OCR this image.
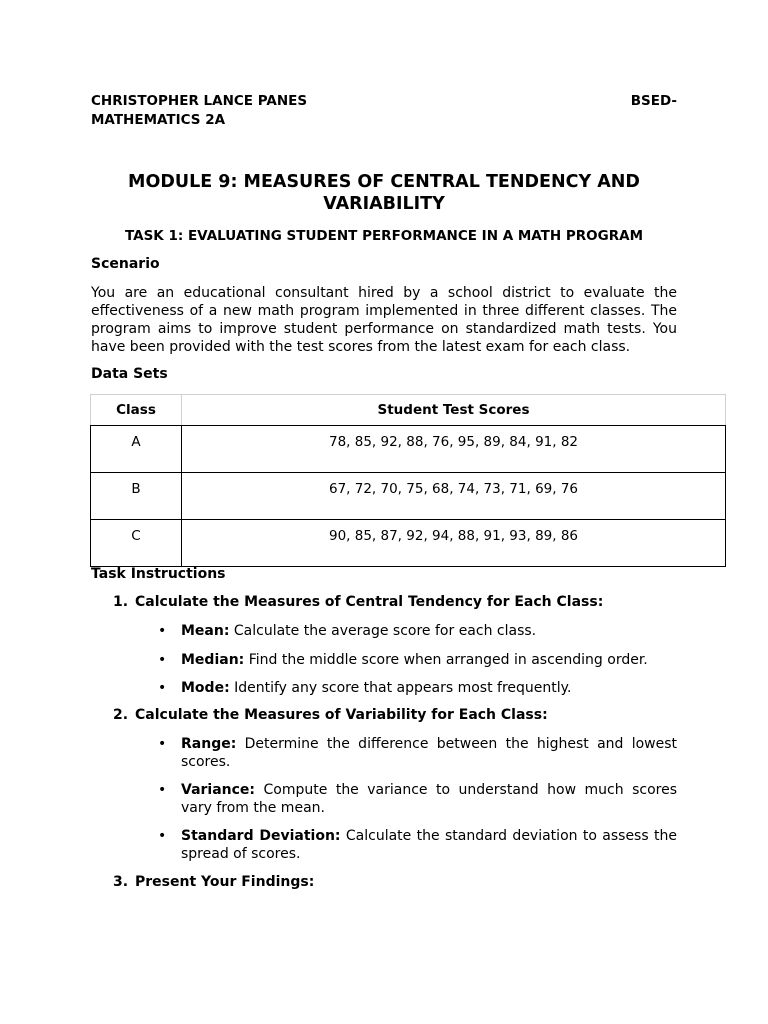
CHRISTOPHER LANCE PANES	BSED-
MATHEMATICS 2A
MODULE 9: MEASURES OF CENTRAL TENDENCY AND
VARIABILITY
TASK 1: EVALUATING STUDENT PERFORMANCE IN A MATH PROGRAM
Scenario
You are an educational consultant hired by a school district to evaluate the effectiveness of a new math program implemented in three different classes. The program aims to improve student performance on standardized math tests. You have been provided with the test scores from the latest exam for each class.
Data Sets
Class	Student Test Scores
A	78, 85, 92, 88, 76, 95, 89, 84, 91, 82
B	67, 72, 70, 75, 68, 74, 73, 71, 69, 76
C	90, 85, 87, 92, 94, 88, 91, 93, 89, 86
Task Instructions
1. Calculate the Measures of Central Tendency for Each Class:
• Mean: Calculate the average score for each class.
• Median: Find the middle score when arranged in ascending order.
• Mode: Identify any score that appears most frequently.
2. Calculate the Measures of Variability for Each Class:
• Range: Determine the difference between the highest and lowest scores.
• Variance: Compute the variance to understand how much scores vary from the mean.
• Standard Deviation: Calculate the standard deviation to assess the spread of scores.
3. Present Your Findings:
